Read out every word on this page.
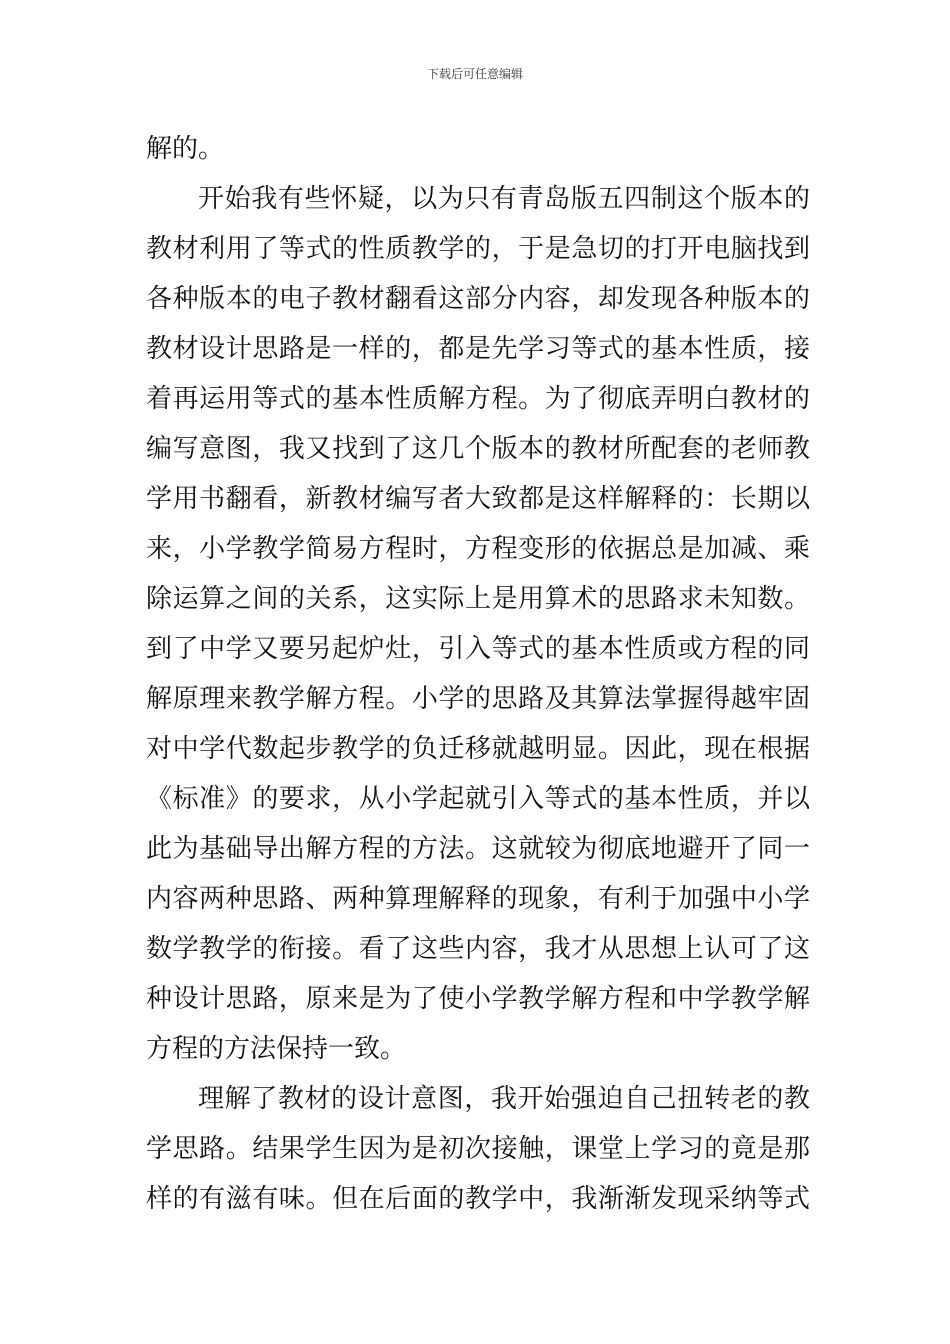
下载后可任意编辑
解的。
开始我有些怀疑，以为只有青岛版五四制这个版本的
教材利用了等式的性质教学的，于是急切的打开电脑找到
各种版本的电子教材翻看这部分内容，却发现各种版本的
教材设计思路是一样的，都是先学习等式的基本性质，接
着再运用等式的基本性质解方程。为了彻底弄明白教材的
编写意图，我又找到了这几个版本的教材所配套的老师教
学用书翻看，新教材编写者大致都是这样解释的：长期以
来，小学教学简易方程时，方程变形的依据总是加减、乘
除运算之间的关系，这实际上是用算术的思路求未知数。
到了中学又要另起炉灶，引入等式的基本性质或方程的同
解原理来教学解方程。小学的思路及其算法掌握得越牢固
对中学代数起步教学的负迁移就越明显。因此，现在根据
《标准》的要求，从小学起就引入等式的基本性质，并以
此为基础导出解方程的方法。这就较为彻底地避开了同一
内容两种思路、两种算理解释的现象，有利于加强中小学
数学教学的衔接。看了这些内容，我才从思想上认可了这
种设计思路，原来是为了使小学教学解方程和中学教学解
方程的方法保持一致。
理解了教材的设计意图，我开始强迫自己扭转老的教
学思路。结果学生因为是初次接触，课堂上学习的竟是那
样的有滋有味。但在后面的教学中，我渐渐发现采纳等式
